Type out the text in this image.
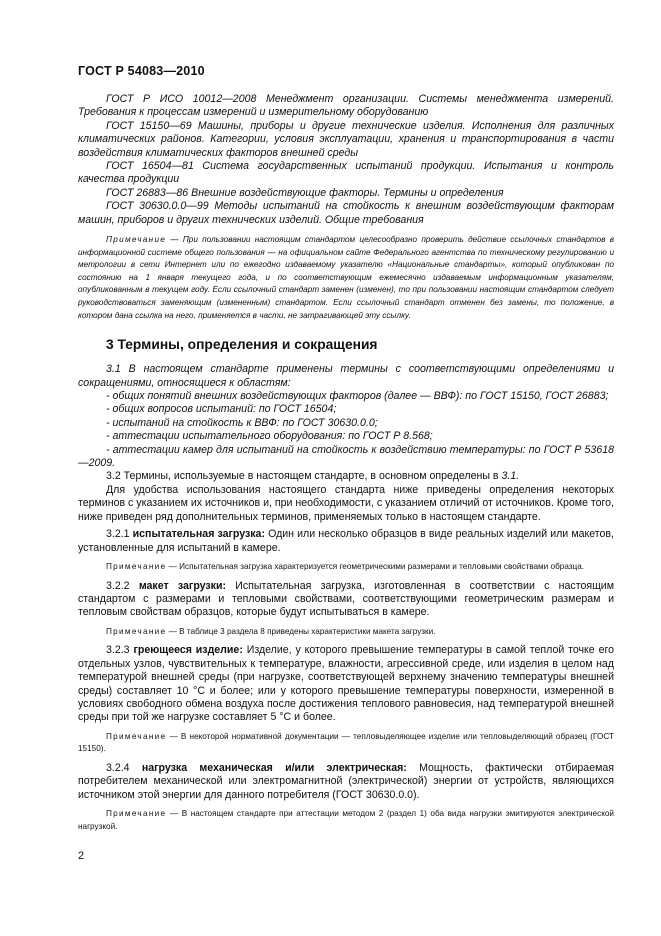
ГОСТ Р 54083—2010

ГОСТ Р ИСО 10012—2008 Менеджмент организации. Системы менеджмента измерений. Требования к процессам измерений и измерительному оборудованию

ГОСТ 15150—69 Машины, приборы и другие технические изделия. Исполнения для различных климатических районов. Категории, условия эксплуатации, хранения и транспортирования в части воздействия климатических факторов внешней среды

ГОСТ 16504—81 Система государственных испытаний продукции. Испытания и контроль качества продукции

ГОСТ 26883—86 Внешние воздействующие факторы. Термины и определения

ГОСТ 30630.0.0—99 Методы испытаний на стойкость к внешним воздействующим факторам машин, приборов и других технических изделий. Общие требования

Примечание — При пользовании настоящим стандартом целесообразно проверить действие ссылочных стандартов в информационной системе общего пользования — на официальном сайте Федерального агентства по техническому регулированию и метрологии в сети Интернет или по ежегодно издаваемому указателю «Национальные стандарты», который опубликован по состоянию на 1 января текущего года, и по соответствующим ежемесячно издаваемым информационным указателям, опубликованным в текущем году. Если ссылочный стандарт заменен (изменен), то при пользовании настоящим стандартом следует руководствоваться заменяющим (измененным) стандартом. Если ссылочный стандарт отменен без замены, то положение, в котором дана ссылка на него, применяется в части, не затрагивающей эту ссылку.

3 Термины, определения и сокращения

3.1 В настоящем стандарте применены термины с соответствующими определениями и сокращениями, относящиеся к областям:

- общих понятий внешних воздействующих факторов (далее — ВВФ): по ГОСТ 15150, ГОСТ 26883;

- общих вопросов испытаний: по ГОСТ 16504;

- испытаний на стойкость к ВВФ: по ГОСТ 30630.0.0;

- аттестации испытательного оборудования: по ГОСТ Р 8.568;

- аттестации камер для испытаний на стойкость к воздействию температуры: по ГОСТ Р 53618—2009.

3.2 Термины, используемые в настоящем стандарте, в основном определены в 3.1.

Для удобства использования настоящего стандарта ниже приведены определения некоторых терминов с указанием их источников и, при необходимости, с указанием отличий от источников. Кроме того, ниже приведен ряд дополнительных терминов, применяемых только в настоящем стандарте.

3.2.1 испытательная загрузка: Один или несколько образцов в виде реальных изделий или макетов, установленные для испытаний в камере.

Примечание — Испытательная загрузка характеризуется геометрическими размерами и тепловыми свойствами образца.

3.2.2 макет загрузки: Испытательная загрузка, изготовленная в соответствии с настоящим стандартом с размерами и тепловыми свойствами, соответствующими геометрическим размерам и тепловым свойствам образцов, которые будут испытываться в камере.

Примечание — В таблице 3 раздела 8 приведены характеристики макета загрузки.

3.2.3 греющееся изделие: Изделие, у которого превышение температуры в самой теплой точке его отдельных узлов, чувствительных к температуре, влажности, агрессивной среде, или изделия в целом над температурой внешней среды (при нагрузке, соответствующей верхнему значению температуры внешней среды) составляет 10 °С и более; или у которого превышение температуры поверхности, измеренной в условиях свободного обмена воздуха после достижения теплового равновесия, над температурой внешней среды при той же нагрузке составляет 5 °С и более.

Примечание — В некоторой нормативной документации — тепловыделяющее изделие или тепловыделяющий образец (ГОСТ 15150).

3.2.4 нагрузка механическая и/или электрическая: Мощность, фактически отбираемая потребителем механической или электромагнитной (электрической) энергии от устройств, являющихся источником этой энергии для данного потребителя (ГОСТ 30630.0.0).

Примечание — В настоящем стандарте при аттестации методом 2 (раздел 1) оба вида нагрузки эмитируются электрической нагрузкой.

2
